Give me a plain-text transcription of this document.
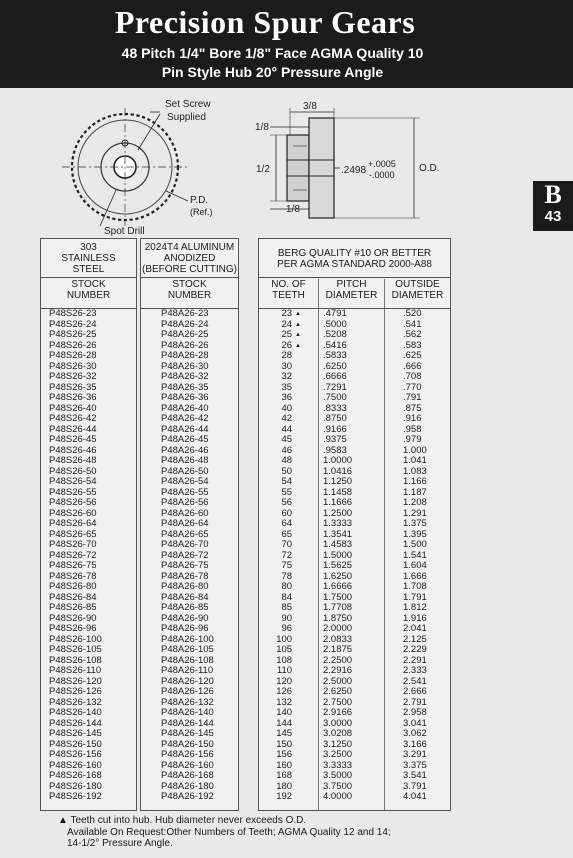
Precision Spur Gears
48 Pitch 1/4" Bore 1/8" Face AGMA Quality 10
Pin Style Hub 20° Pressure Angle
B
43
Set Screw
Supplied
Spot Drill
P.D.
(Ref.)
3/8
1/8
1/2
1/8
.2498
+.0005
-.0000
O.D.
303
STAINLESS
STEEL
STOCK
NUMBER
P48S26-23
P48S26-24
P48S26-25
P48S26-26
P48S26-28
P48S26-30
P48S26-32
P48S26-35
P48S26-36
P48S26-40
P48S26-42
P48S26-44
P48S26-45
P48S26-46
P48S26-48
P48S26-50
P48S26-54
P48S26-55
P48S26-56
P48S26-60
P48S26-64
P48S26-65
P48S26-70
P48S26-72
P48S26-75
P48S26-78
P48S26-80
P48S26-84
P48S26-85
P48S26-90
P48S26-96
P48S26-100
P48S26-105
P48S26-108
P48S26-110
P48S26-120
P48S26-126
P48S26-132
P48S26-140
P48S26-144
P48S26-145
P48S26-150
P48S26-156
P48S26-160
P48S26-168
P48S26-180
P48S26-192
2024T4 ALUMINUM
ANODIZED
(BEFORE CUTTING)
STOCK
NUMBER
P48A26-23
P48A26-24
P48A26-25
P48A26-26
P48A26-28
P48A26-30
P48A26-32
P48A26-35
P48A26-36
P48A26-40
P48A26-42
P48A26-44
P48A26-45
P48A26-46
P48A26-48
P48A26-50
P48A26-54
P48A26-55
P48A26-56
P48A26-60
P48A26-64
P48A26-65
P48A26-70
P48A26-72
P48A26-75
P48A26-78
P48A26-80
P48A26-84
P48A26-85
P48A26-90
P48A26-96
P48A26-100
P48A26-105
P48A26-108
P48A26-110
P48A26-120
P48A26-126
P48A26-132
P48A26-140
P48A26-144
P48A26-145
P48A26-150
P48A26-156
P48A26-160
P48A26-168
P48A26-180
P48A26-192
BERG QUALITY #10 OR BETTER
PER AGMA STANDARD 2000-A88
NO. OF
TEETH
PITCH
DIAMETER
OUTSIDE
DIAMETER
23 ▲
24 ▲
25 ▲
26 ▲
28
30
32
35
36
40
42
44
45
46
48
50
54
55
56
60
64
65
70
72
75
78
80
84
85
90
96
100
105
108
110
120
126
132
140
144
145
150
156
160
168
180
192
.4791
.5000
.5208
.5416
.5833
.6250
.6666
.7291
.7500
.8333
.8750
.9166
.9375
.9583
1.0000
1.0416
1.1250
1.1458
1.1666
1.2500
1.3333
1.3541
1.4583
1.5000
1.5625
1.6250
1.6666
1.7500
1.7708
1.8750
2.0000
2.0833
2.1875
2.2500
2.2916
2.5000
2.6250
2.7500
2.9166
3.0000
3.0208
3.1250
3.2500
3.3333
3.5000
3.7500
4.0000
.520
.541
.562
.583
.625
.666
.708
.770
.791
.875
.916
.958
.979
1.000
1.041
1.083
1.166
1.187
1.208
1.291
1.375
1.395
1.500
1.541
1.604
1.666
1.708
1.791
1.812
1.916
2.041
2.125
2.229
2.291
2.333
2.541
2.666
2.791
2.958
3.041
3.062
3.166
3.291
3.375
3.541
3.791
4.041
▲ Teeth cut into hub. Hub diameter never exceeds O.D.
Available On Request:Other Numbers of Teeth; AGMA Quality 12 and 14;
14-1/2° Pressure Angle.
